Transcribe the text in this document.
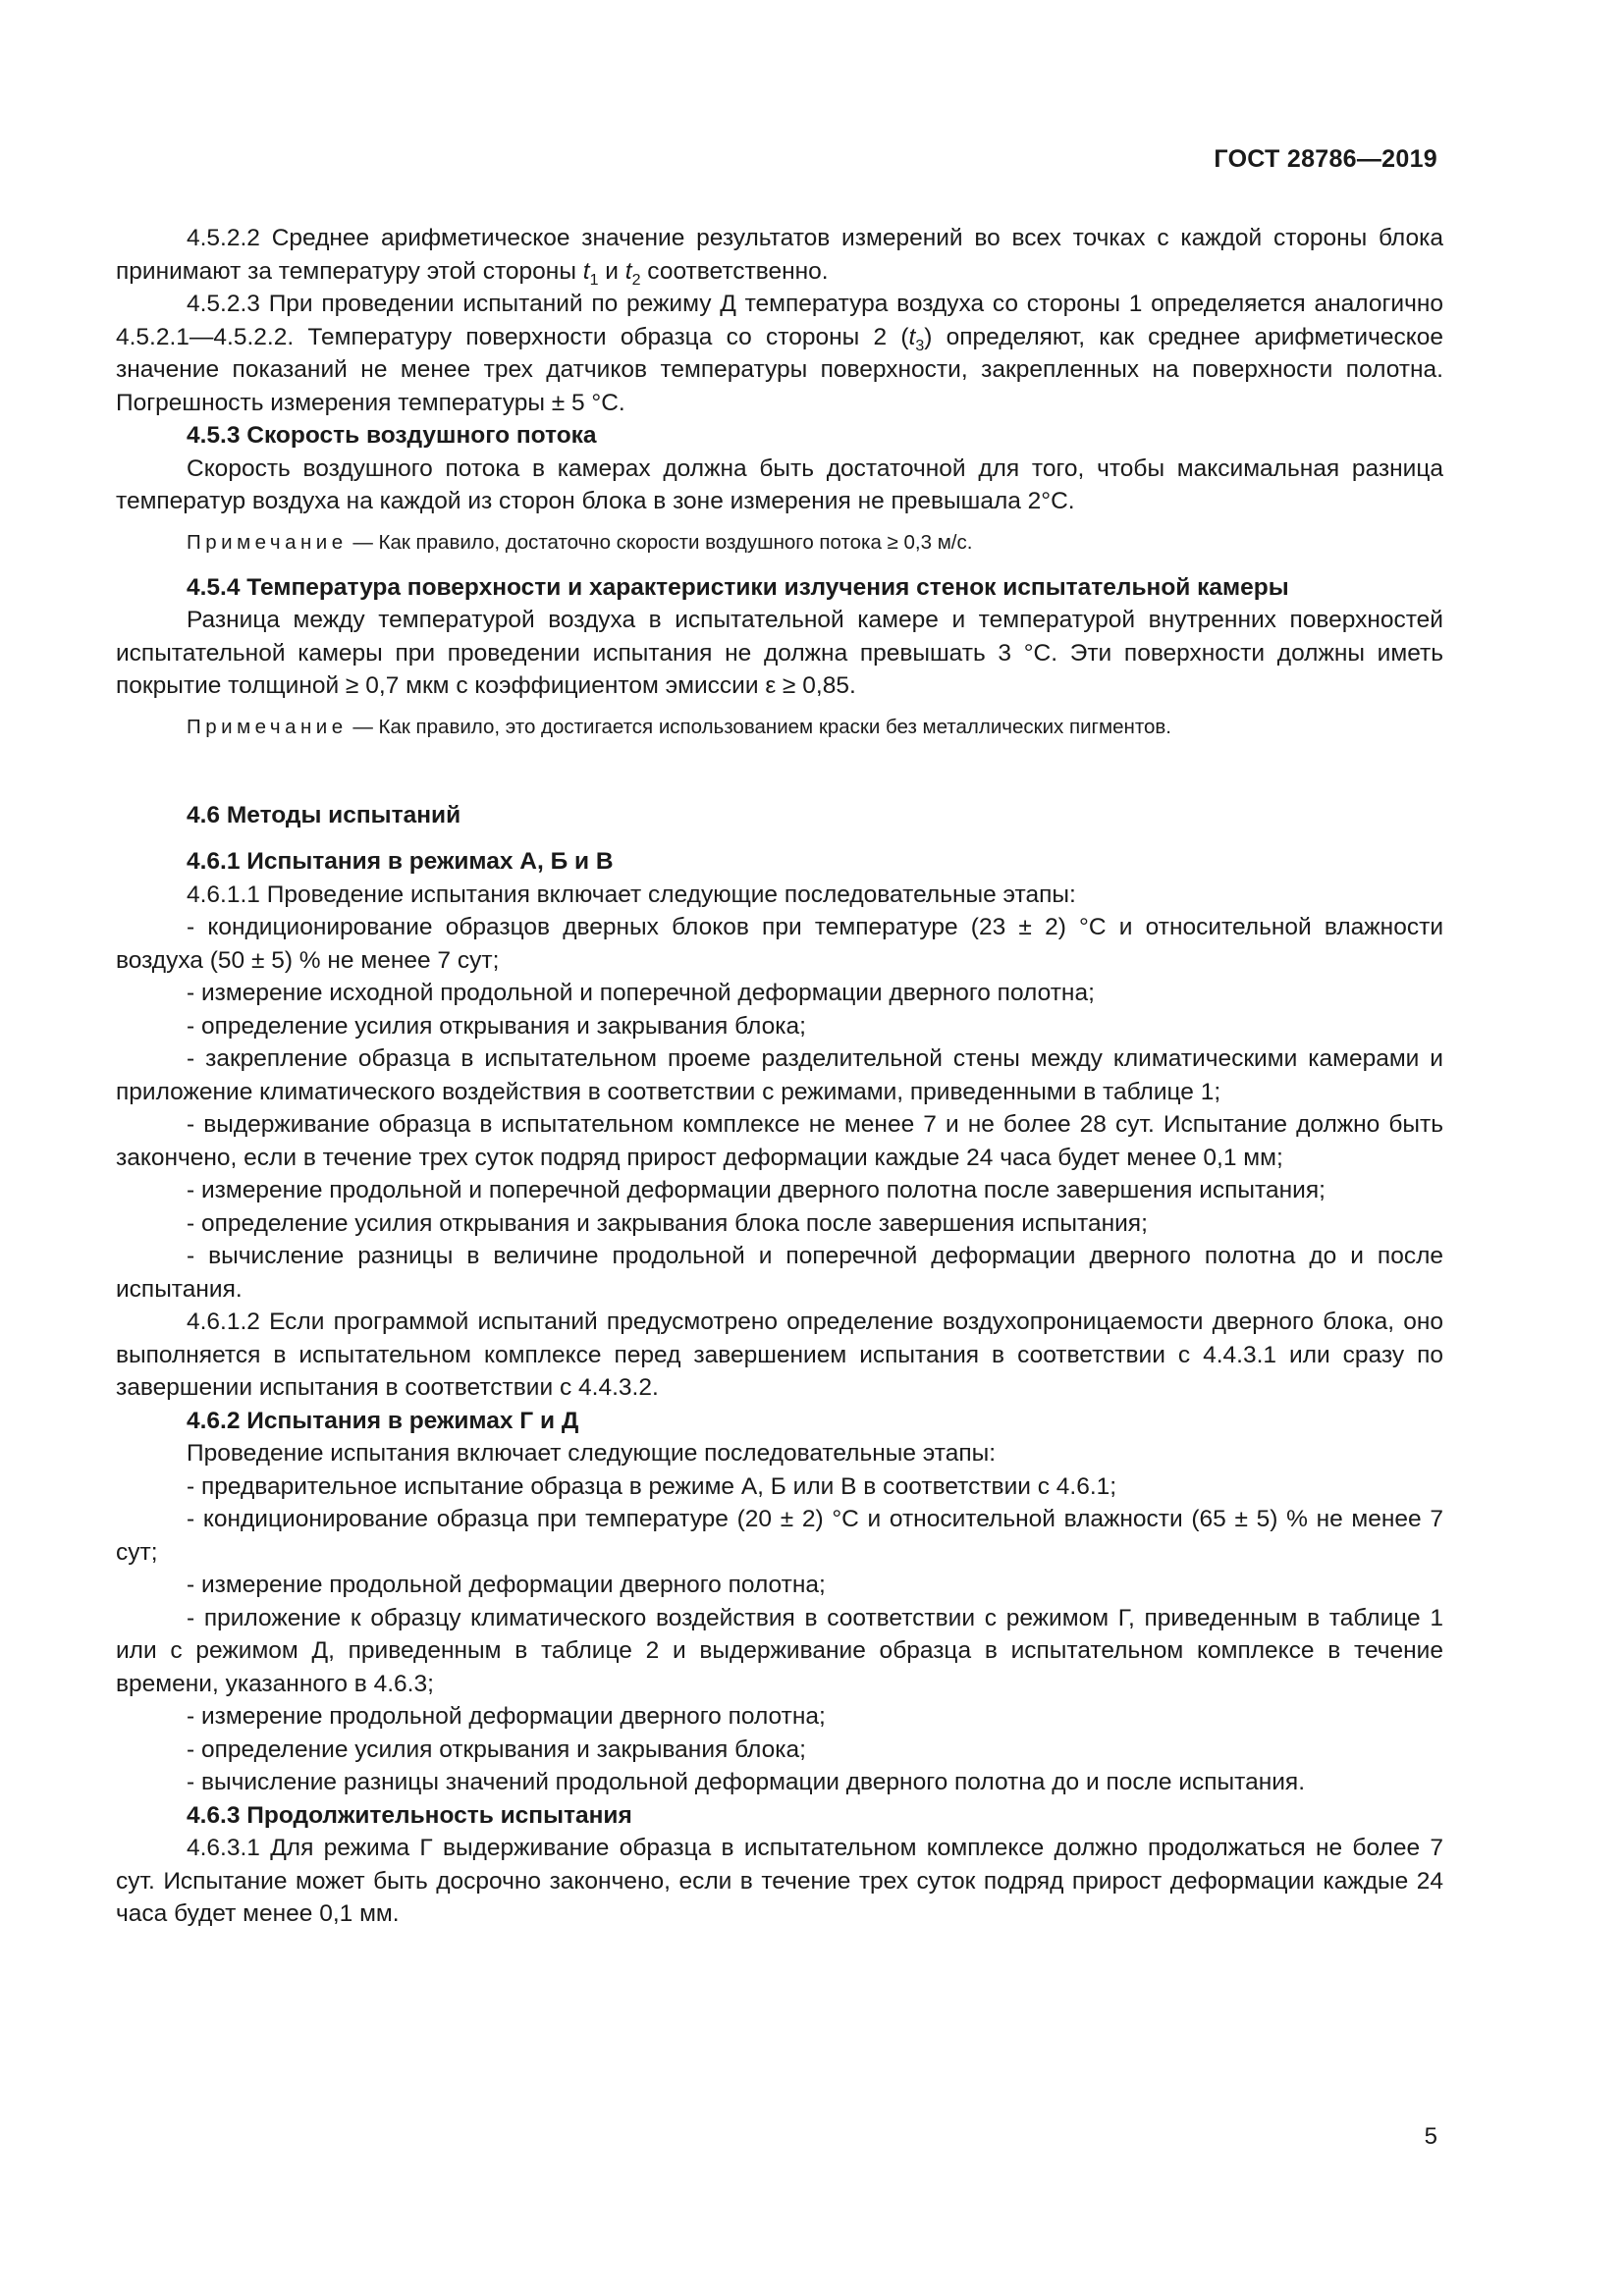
ГОСТ 28786—2019

4.5.2.2 Среднее арифметическое значение результатов измерений во всех точках с каждой стороны блока принимают за температуру этой стороны $t_1$ и $t_2$ соответственно.

4.5.2.3 При проведении испытаний по режиму Д температура воздуха со стороны 1 определяется аналогично 4.5.2.1—4.5.2.2. Температуру поверхности образца со стороны 2 $(t_3)$ определяют, как среднее арифметическое значение показаний не менее трех датчиков температуры поверхности, закрепленных на поверхности полотна. Погрешность измерения температуры ± 5 °С.

4.5.3 Скорость воздушного потока

Скорость воздушного потока в камерах должна быть достаточной для того, чтобы максимальная разница температур воздуха на каждой из сторон блока в зоне измерения не превышала 2°С.

Примечание — Как правило, достаточно скорости воздушного потока ≥ 0,3 м/с.

4.5.4 Температура поверхности и характеристики излучения стенок испытательной камеры

Разница между температурой воздуха в испытательной камере и температурой внутренних поверхностей испытательной камеры при проведении испытания не должна превышать 3 °С. Эти поверхности должны иметь покрытие толщиной ≥ 0,7 мкм с коэффициентом эмиссии ε ≥ 0,85.

Примечание — Как правило, это достигается использованием краски без металлических пигментов.

4.6 Методы испытаний

4.6.1 Испытания в режимах А, Б и В

4.6.1.1 Проведение испытания включает следующие последовательные этапы:

- кондиционирование образцов дверных блоков при температуре (23 ± 2) °С и относительной влажности воздуха (50 ± 5) % не менее 7 сут;

- измерение исходной продольной и поперечной деформации дверного полотна;

- определение усилия открывания и закрывания блока;

- закрепление образца в испытательном проеме разделительной стены между климатическими камерами и приложение климатического воздействия в соответствии с режимами, приведенными в таблице 1;

- выдерживание образца в испытательном комплексе не менее 7 и не более 28 сут. Испытание должно быть закончено, если в течение трех суток подряд прирост деформации каждые 24 часа будет менее 0,1 мм;

- измерение продольной и поперечной деформации дверного полотна после завершения испытания;

- определение усилия открывания и закрывания блока после завершения испытания;

- вычисление разницы в величине продольной и поперечной деформации дверного полотна до и после испытания.

4.6.1.2 Если программой испытаний предусмотрено определение воздухопроницаемости дверного блока, оно выполняется в испытательном комплексе перед завершением испытания в соответствии с 4.4.3.1 или сразу по завершении испытания в соответствии с 4.4.3.2.

4.6.2 Испытания в режимах Г и Д

Проведение испытания включает следующие последовательные этапы:

- предварительное испытание образца в режиме А, Б или В в соответствии с 4.6.1;

- кондиционирование образца при температуре (20 ± 2) °С и относительной влажности (65 ± 5) % не менее 7 сут;

- измерение продольной деформации дверного полотна;

- приложение к образцу климатического воздействия в соответствии с режимом Г, приведенным в таблице 1 или с режимом Д, приведенным в таблице 2 и выдерживание образца в испытательном комплексе в течение времени, указанного в 4.6.3;

- измерение продольной деформации дверного полотна;

- определение усилия открывания и закрывания блока;

- вычисление разницы значений продольной деформации дверного полотна до и после испытания.

4.6.3 Продолжительность испытания

4.6.3.1 Для режима Г выдерживание образца в испытательном комплексе должно продолжаться не более 7 сут. Испытание может быть досрочно закончено, если в течение трех суток подряд прирост деформации каждые 24 часа будет менее 0,1 мм.

5
